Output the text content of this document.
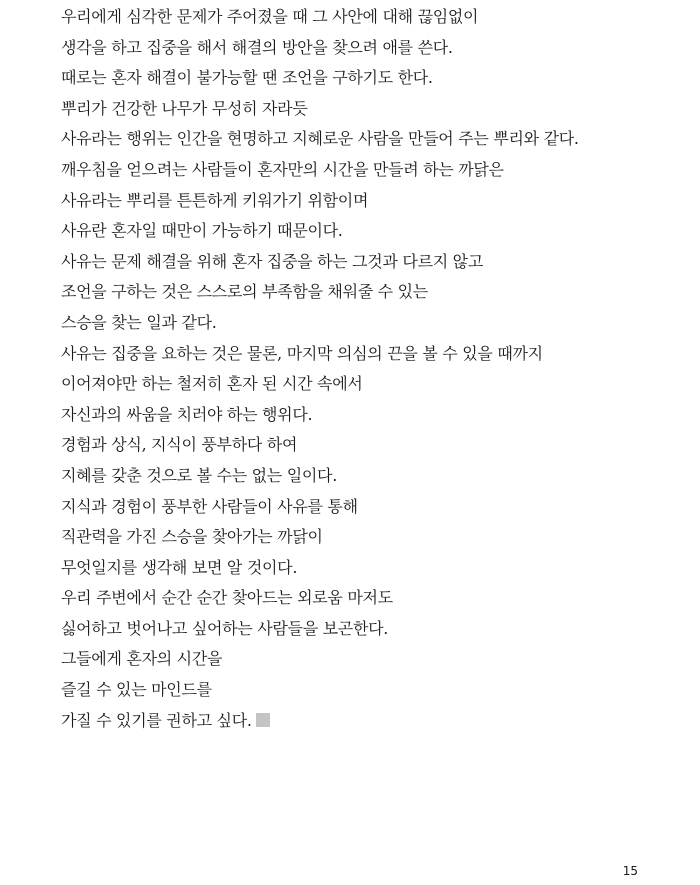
우리에게 심각한 문제가 주어졌을 때 그 사안에 대해 끊임없이
생각을 하고 집중을 해서 해결의 방안을 찾으려 애를 쓴다.
때로는 혼자 해결이 불가능할 땐 조언을 구하기도 한다.
뿌리가 건강한 나무가 무성히 자라듯
사유라는 행위는 인간을 현명하고 지혜로운 사람을 만들어 주는 뿌리와 같다.
깨우침을 얻으려는 사람들이 혼자만의 시간을 만들려 하는 까닭은
사유라는 뿌리를 튼튼하게 키워가기 위함이며
사유란 혼자일 때만이 가능하기 때문이다.
사유는 문제 해결을 위해 혼자 집중을 하는 그것과 다르지 않고
조언을 구하는 것은 스스로의 부족함을 채워줄 수 있는
스승을 찾는 일과 같다.
사유는 집중을 요하는 것은 물론, 마지막 의심의 끈을 볼 수 있을 때까지
이어져야만 하는 철저히 혼자 된 시간 속에서
자신과의 싸움을 치러야 하는 행위다.
경험과 상식, 지식이 풍부하다 하여
지혜를 갖춘 것으로 볼 수는 없는 일이다.
지식과 경험이 풍부한 사람들이 사유를 통해
직관력을 가진 스승을 찾아가는 까닭이
무엇일지를 생각해 보면 알 것이다.
우리 주변에서 순간 순간 찾아드는 외로움 마저도
싫어하고 벗어나고 싶어하는 사람들을 보곤한다.
그들에게 혼자의 시간을
즐길 수 있는 마인드를
가질 수 있기를 권하고 싶다.
15
